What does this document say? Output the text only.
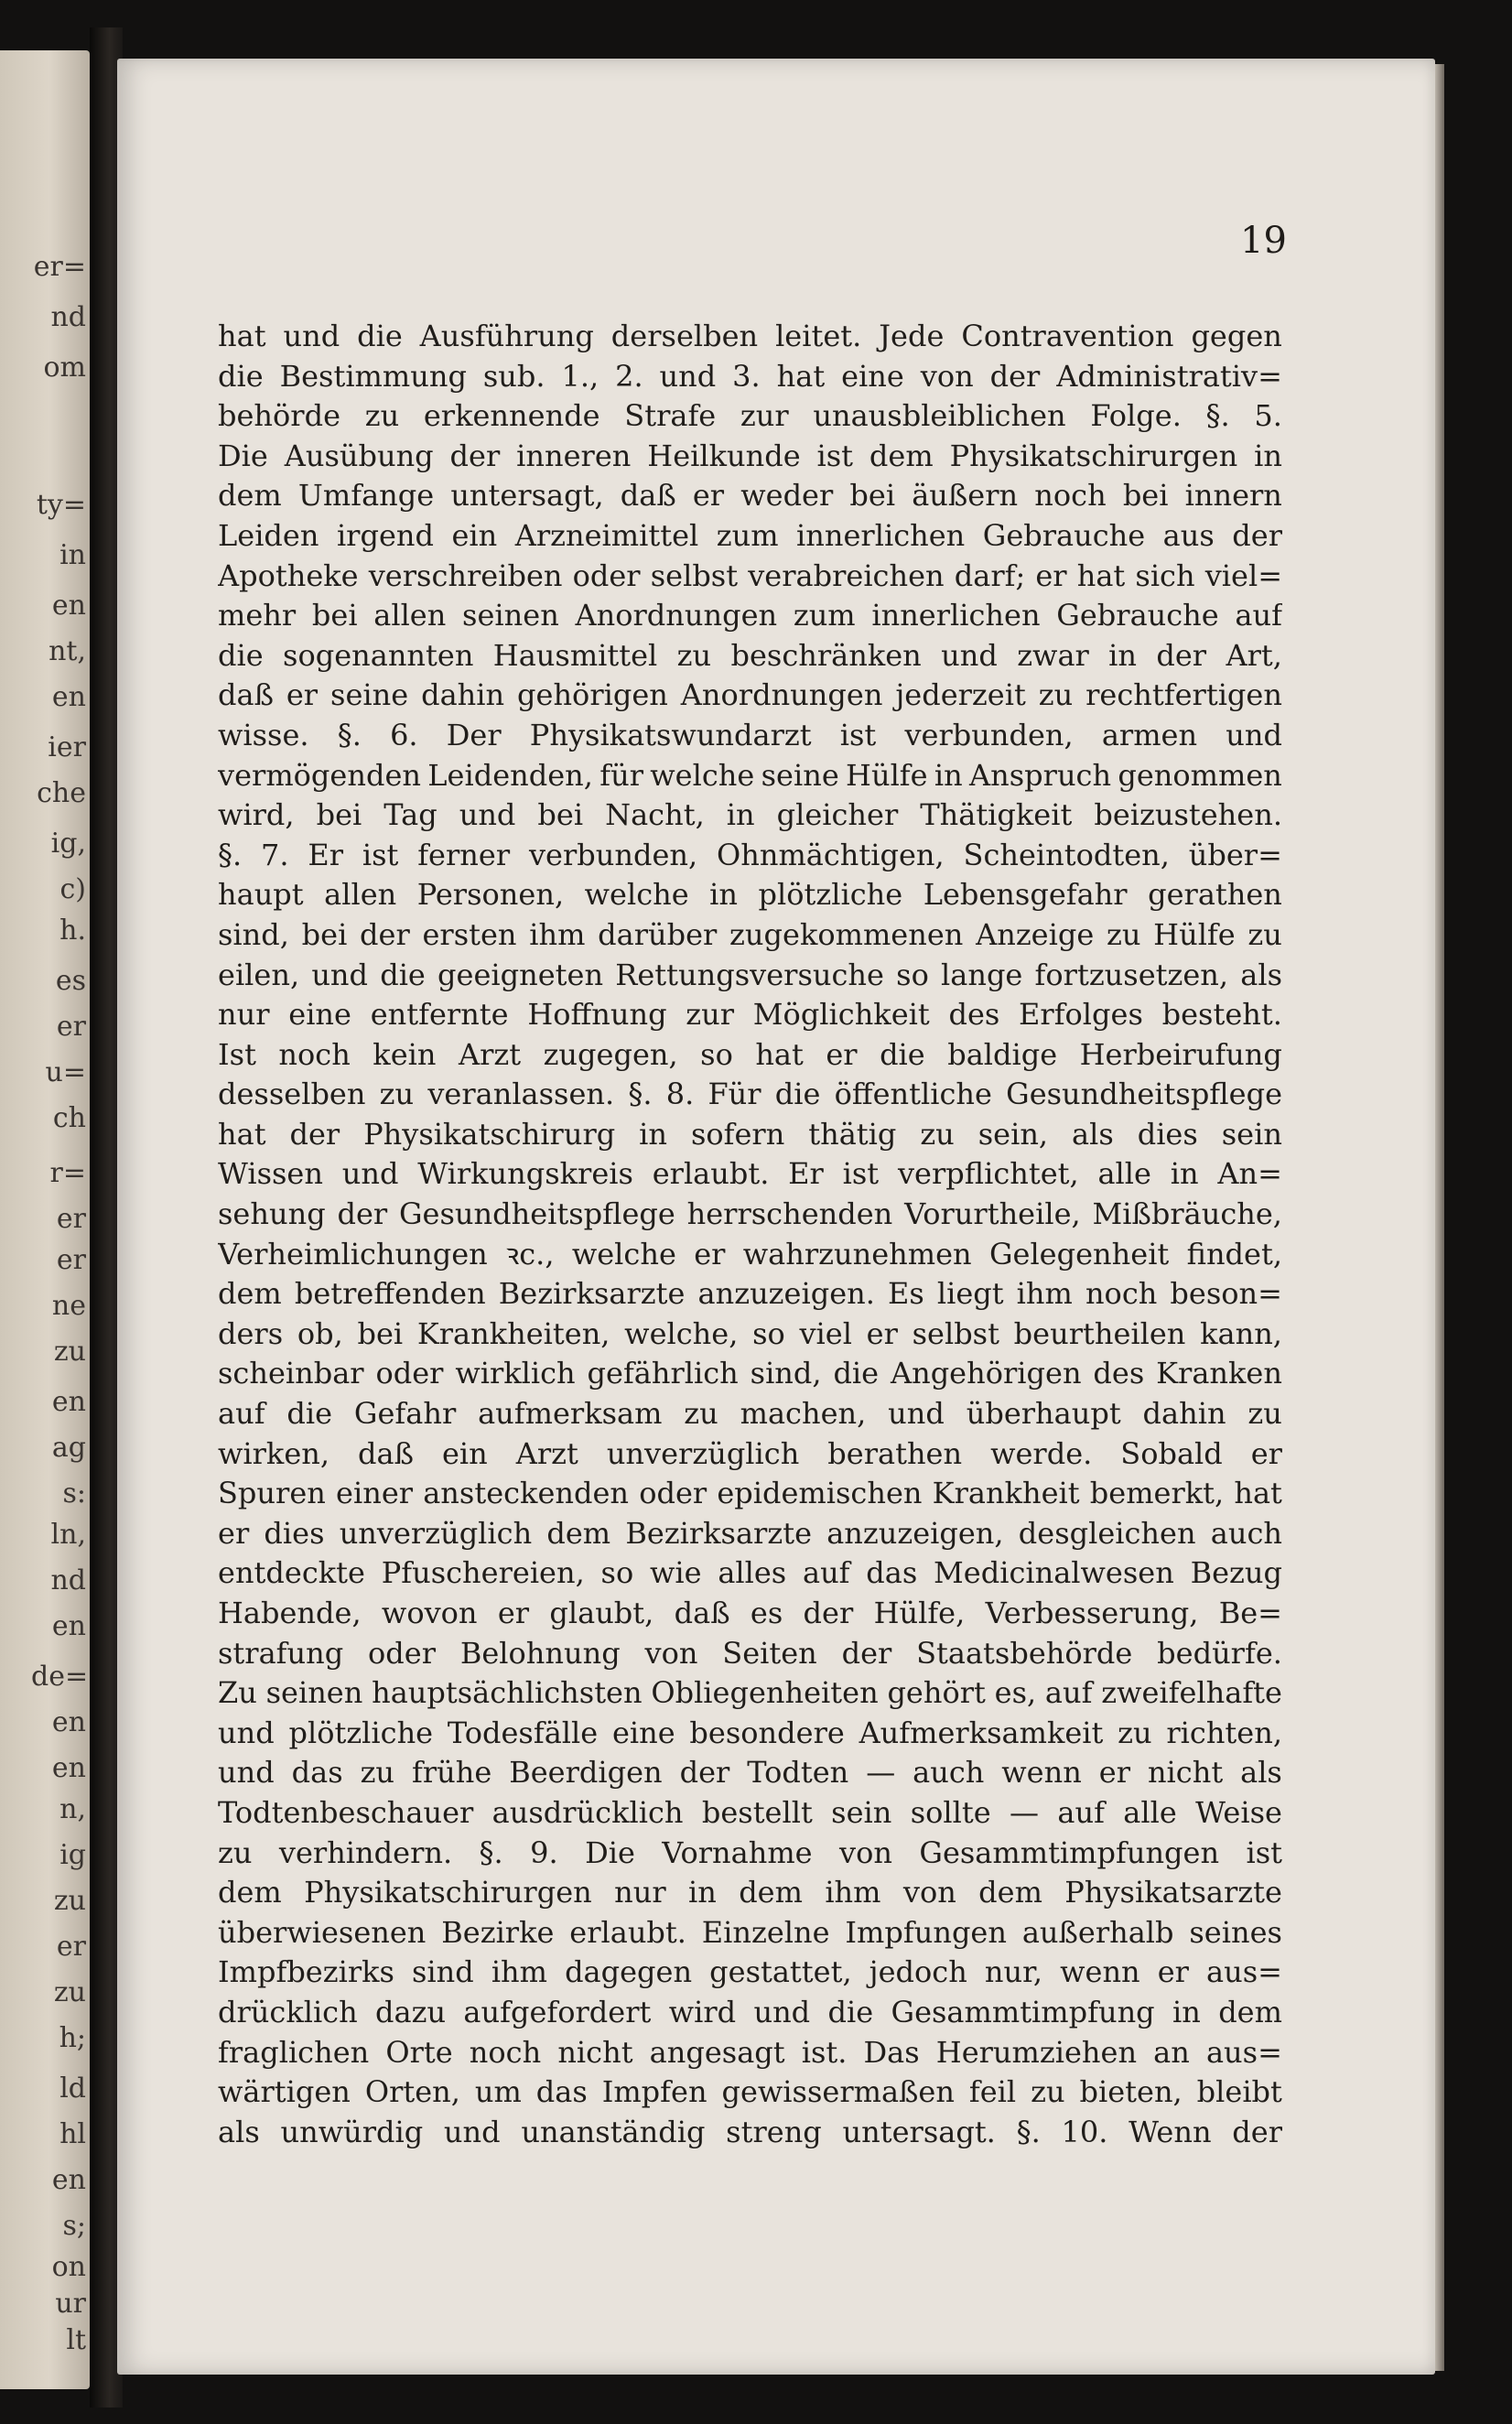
er=
nd
om
ty=
in
en
nt,
en
ier
che
ig,
c)
h.
es
er
u=
ch
r=
er
er
ne
zu
en
ag
s:
ln,
nd
en
de=
en
en
n,
ig
zu
er
zu
h;
ld
hl
en
s;
on
ur
lt
19
hat und die Ausführung derselben leitet. Jede Contravention gegen
die Bestimmung sub. 1., 2. und 3. hat eine von der Administrativ=
behörde zu erkennende Strafe zur unausbleiblichen Folge. §. 5.
Die Ausübung der inneren Heilkunde ist dem Physikatschirurgen in
dem Umfange untersagt, daß er weder bei äußern noch bei innern
Leiden irgend ein Arzneimittel zum innerlichen Gebrauche aus der
Apotheke verschreiben oder selbst verabreichen darf; er hat sich viel=
mehr bei allen seinen Anordnungen zum innerlichen Gebrauche auf
die sogenannten Hausmittel zu beschränken und zwar in der Art,
daß er seine dahin gehörigen Anordnungen jederzeit zu rechtfertigen
wisse. §. 6. Der Physikatswundarzt ist verbunden, armen und
vermögenden Leidenden, für welche seine Hülfe in Anspruch genommen
wird, bei Tag und bei Nacht, in gleicher Thätigkeit beizustehen.
§. 7. Er ist ferner verbunden, Ohnmächtigen, Scheintodten, über=
haupt allen Personen, welche in plötzliche Lebensgefahr gerathen
sind, bei der ersten ihm darüber zugekommenen Anzeige zu Hülfe zu
eilen, und die geeigneten Rettungsversuche so lange fortzusetzen, als
nur eine entfernte Hoffnung zur Möglichkeit des Erfolges besteht.
Ist noch kein Arzt zugegen, so hat er die baldige Herbeirufung
desselben zu veranlassen. §. 8. Für die öffentliche Gesundheitspflege
hat der Physikatschirurg in sofern thätig zu sein, als dies sein
Wissen und Wirkungskreis erlaubt. Er ist verpflichtet, alle in An=
sehung der Gesundheitspflege herrschenden Vorurtheile, Mißbräuche,
Verheimlichungen ꝛc., welche er wahrzunehmen Gelegenheit findet,
dem betreffenden Bezirksarzte anzuzeigen. Es liegt ihm noch beson=
ders ob, bei Krankheiten, welche, so viel er selbst beurtheilen kann,
scheinbar oder wirklich gefährlich sind, die Angehörigen des Kranken
auf die Gefahr aufmerksam zu machen, und überhaupt dahin zu
wirken, daß ein Arzt unverzüglich berathen werde. Sobald er
Spuren einer ansteckenden oder epidemischen Krankheit bemerkt, hat
er dies unverzüglich dem Bezirksarzte anzuzeigen, desgleichen auch
entdeckte Pfuschereien, so wie alles auf das Medicinalwesen Bezug
Habende, wovon er glaubt, daß es der Hülfe, Verbesserung, Be=
strafung oder Belohnung von Seiten der Staatsbehörde bedürfe.
Zu seinen hauptsächlichsten Obliegenheiten gehört es, auf zweifelhafte
und plötzliche Todesfälle eine besondere Aufmerksamkeit zu richten,
und das zu frühe Beerdigen der Todten — auch wenn er nicht als
Todtenbeschauer ausdrücklich bestellt sein sollte — auf alle Weise
zu verhindern. §. 9. Die Vornahme von Gesammtimpfungen ist
dem Physikatschirurgen nur in dem ihm von dem Physikatsarzte
überwiesenen Bezirke erlaubt. Einzelne Impfungen außerhalb seines
Impfbezirks sind ihm dagegen gestattet, jedoch nur, wenn er aus=
drücklich dazu aufgefordert wird und die Gesammtimpfung in dem
fraglichen Orte noch nicht angesagt ist. Das Herumziehen an aus=
wärtigen Orten, um das Impfen gewissermaßen feil zu bieten, bleibt
als unwürdig und unanständig streng untersagt. §. 10. Wenn der
